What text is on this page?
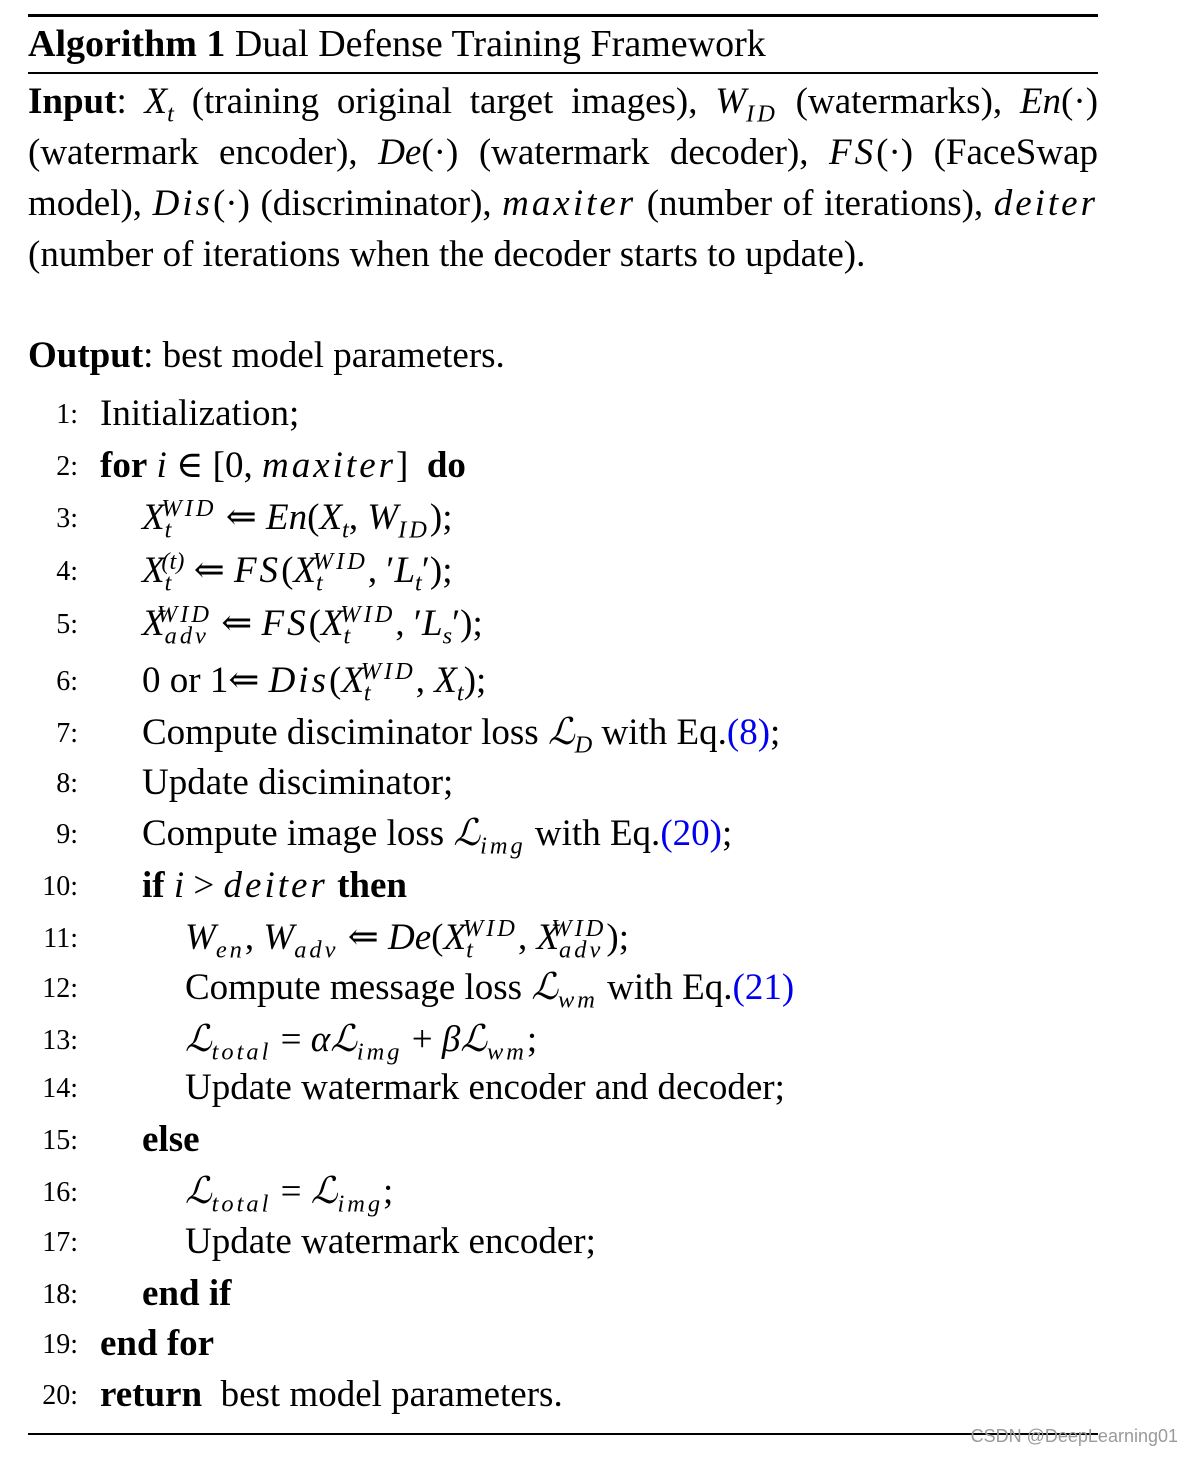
Algorithm 1 Dual Defense Training Framework
Input: $X_t$ (training original target images), $W_{ID}$ (watermarks), En(·) (watermark encoder), De(·) (watermark decoder), FS(·) (FaceSwap model), Dis(·) (discriminator), maxiter (number of iterations), deiter (number of iterations when the decoder starts to update).
Output: best model parameters.
1: Initialization;
2: for i ∈ [0, maxiter]  do
3: $X_t^{WID}$ ⇐ $En(X_t$, $W_{ID}$);
4: $X_t^{(t)}$ ⇐ $FS(X_t^{WID}$, $'L_t'$);
5: $X_{adv}^{WID}$ ⇐ $FS(X_t^{WID}$, $'L_s'$);
6: 0 or 1⇐ $Dis(X_t^{WID}$, $X_t$);
7: Compute disciminator loss ℒ$_D$ with Eq.(8);
8: Update disciminator;
9: Compute image loss ℒ$_{img}$ with Eq.(20);
10: if i > deiter then
11:	$W_{en}$, $W_{adv}$ ⇐ $De(X_t^{WID}$, $X_{adv}^{WID}$);
12:	Compute message loss ℒ$_{wm}$ with Eq.(21)
13:	ℒ$_{total}$ = αℒ$_{img}$ + βℒ$_{wm}$;
14:	Update watermark encoder and decoder;
15: else
16:	ℒ$_{total}$ = ℒ$_{img}$;
17:	Update watermark encoder;
18: end if
19: end for
20: return  best model parameters.
CSDN @DeepLearning01
